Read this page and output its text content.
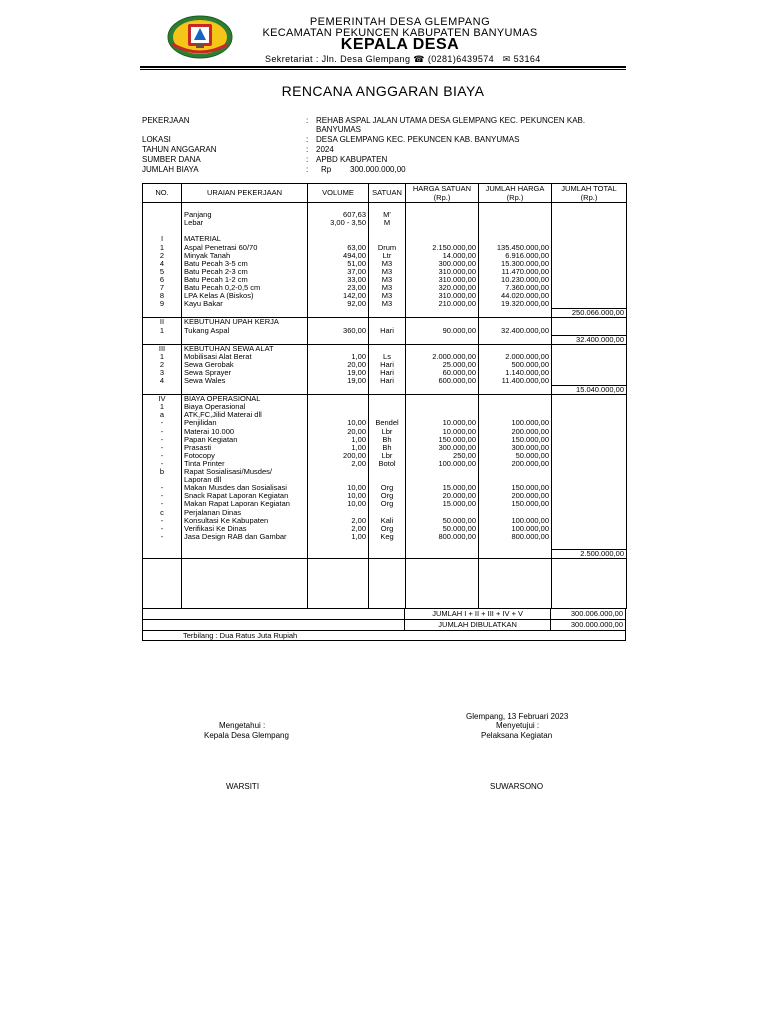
PEMERINTAH DESA GLEMPANG
KECAMATAN PEKUNCEN KABUPATEN BANYUMAS
KEPALA DESA
Sekretariat : Jln. Desa Glempang ☎ (0281)6439574 ✉ 53164
RENCANA ANGGARAN BIAYA
PEKERJAAN	: REHAB ASPAL JALAN UTAMA DESA GLEMPANG KEC. PEKUNCEN KAB.
BANYUMAS
LOKASI	: DESA GLEMPANG KEC. PEKUNCEN KAB. BANYUMAS
TAHUN ANGGARAN	: 2024
SUMBER DANA	: APBD KABUPATEN
JUMLAH BIAYA	: Rp 300.000.000,00
NO.	URAIAN PEKERJAAN	VOLUME	SATUAN	HARGA SATUAN	JUMLAH HARGA	JUMLAH TOTAL
				(Rp.)	(Rp.)	(Rp.)

	Panjang	607,63	M'			
	Lebar	3,00 - 3,50	M			

I	MATERIAL					
1	Aspal Penetrasi 60/70	63,00	Drum	2.150.000,00	135.450.000,00	
2	Minyak Tanah	494,00	Ltr	14.000,00	6.916.000,00	
4	Batu Pecah 3-5 cm	51,00	M3	300.000,00	15.300.000,00	
5	Batu Pecah 2-3 cm	37,00	M3	310.000,00	11.470.000,00	
6	Batu Pecah 1-2 cm	33,00	M3	310.000,00	10.230.000,00	
7	Batu Pecah 0,2-0,5 cm	23,00	M3	320.000,00	7.360.000,00	
8	LPA Kelas A (Biskos)	142,00	M3	310.000,00	44.020.000,00	
9	Kayu Bakar	92,00	M3	210.000,00	19.320.000,00	
						250.066.000,00
II	KEBUTUHAN UPAH KERJA					
1	Tukang Aspal	360,00	Hari	90.000,00	32.400.000,00	
						32.400.000,00
III	KEBUTUHAN SEWA ALAT					
1	Mobilisasi Alat Berat	1,00	Ls	2.000.000,00	2.000.000,00	
2	Sewa Gerobak	20,00	Hari	25.000,00	500.000,00	
3	Sewa Sprayer	19,00	Hari	60.000,00	1.140.000,00	
4	Sewa Wales	19,00	Hari	600.000,00	11.400.000,00	
						15.040.000,00
IV	BIAYA OPERASIONAL					
1	Biaya Operasional					
a	ATK,FC,Jilid Materai dll					
-	Penjilidan	10,00	Bendel	10.000,00	100.000,00	
-	Materai 10.000	20,00	Lbr	10.000,00	200.000,00	
-	Papan Kegiatan	1,00	Bh	150.000,00	150.000,00	
-	Prasasti	1,00	Bh	300.000,00	300.000,00	
-	Fotocopy	200,00	Lbr	250,00	50.000,00	
-	Tinta Printer	2,00	Botol	100.000,00	200.000,00	
b	Rapat Sosialisasi/Musdes/					
	Laporan dll					
-	Makan Musdes dan Sosialisasi	10,00	Org	15.000,00	150.000,00	
-	Snack Rapat Laporan Kegiatan	10,00	Org	20.000,00	200.000,00	
-	Makan Rapat Laporan Kegiatan	10,00	Org	15.000,00	150.000,00	
c	Perjalanan Dinas					
-	Konsultasi Ke Kabupaten	2,00	Kali	50.000,00	100.000,00	
-	Verifikasi Ke Dinas	2,00	Org	50.000,00	100.000,00	
-	Jasa Design RAB dan Gambar	1,00	Keg	800.000,00	800.000,00	

						2.500.000,00

	JUMLAH I + II + III + IV + V	300.006.000,00
	JUMLAH DIBULATKAN	300.000.000,00
Terbilang : Dua Ratus Juta Rupiah		
Glempang, 13 Februari 2023
Mengetahui :
Kepala Desa Glempang
Menyetujui :
Pelaksana Kegiatan
WARSITI	SUWARSONO
